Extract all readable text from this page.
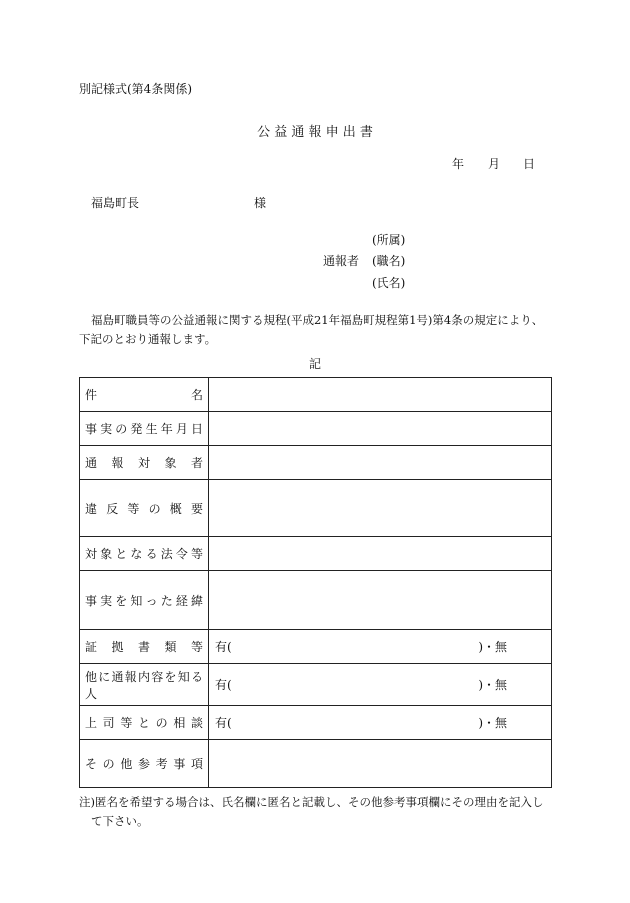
別記様式(第4条関係)
公 益 通 報 申 出 書
年 月 日
福島町長	様
(所属)
通報者 (職名)
(氏名)
福島町職員等の公益通報に関する規程(平成21年福島町規程第1号)第4条の規定により、
下記のとおり通報します。
記
件名	
事実の発生年月日	
通報対象者	
違反等の概要	
対象となる法令等	
事実を知った経緯	
証拠書類等	有( )・無

他に通報内容を知る人	有( )・無

上司等との相談	有( )・無

その他参考事項	
注)匿名を希望する場合は、氏名欄に匿名と記載し、その他参考事項欄にその理由を記入し
て下さい。
